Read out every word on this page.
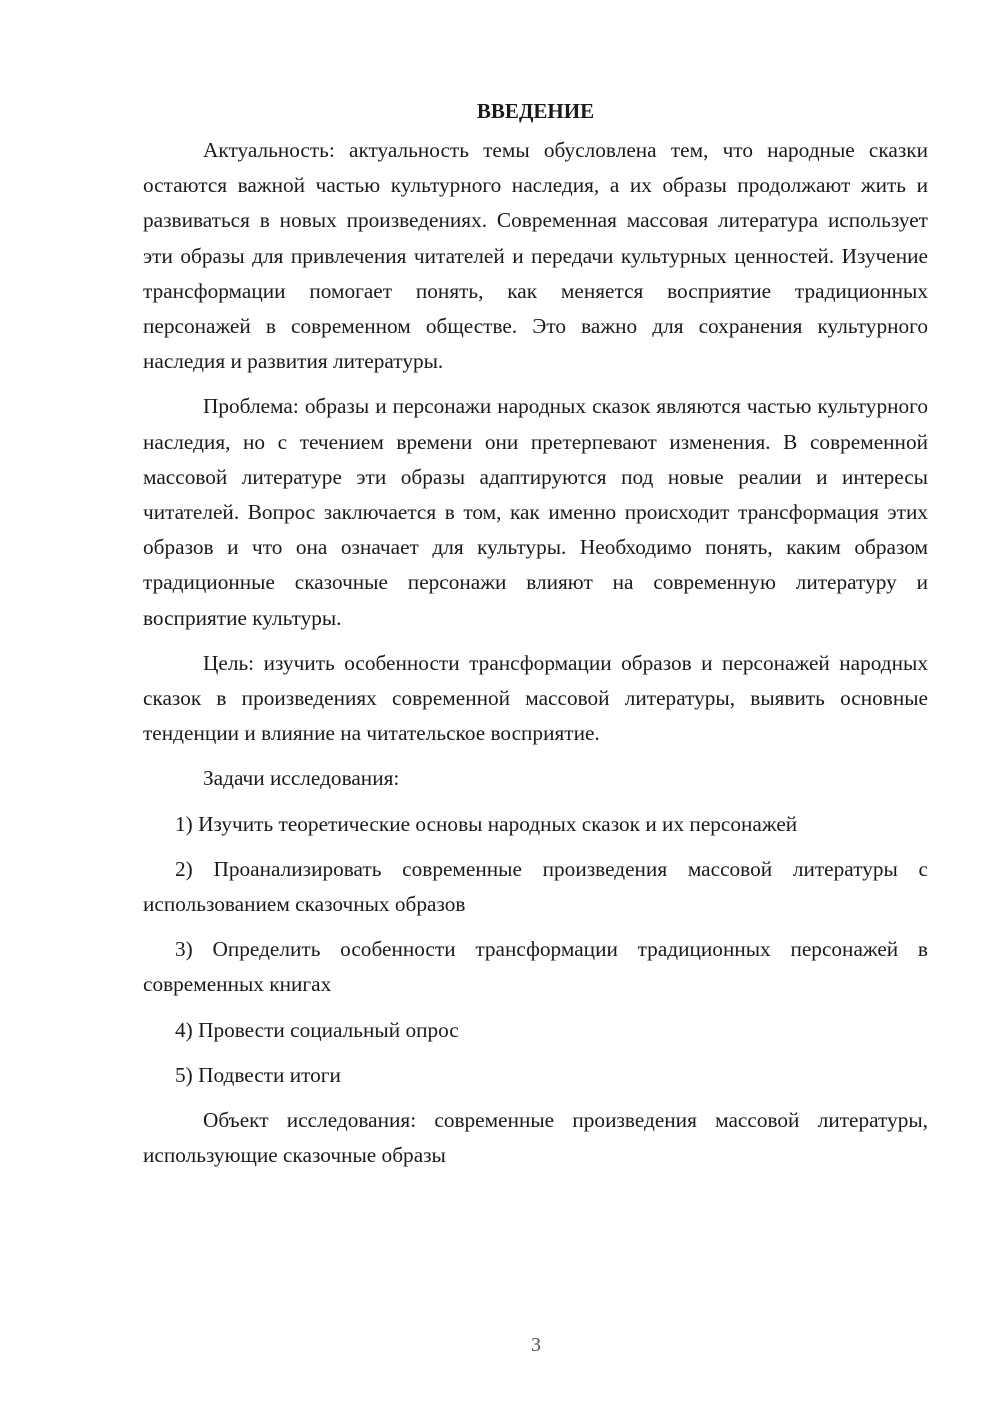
ВВЕДЕНИЕ

Актуальность: актуальность темы обусловлена тем, что народные сказки остаются важной частью культурного наследия, а их образы продолжают жить и развиваться в новых произведениях. Современная массовая литература использует эти образы для привлечения читателей и передачи культурных ценностей. Изучение трансформации помогает понять, как меняется восприятие традиционных персонажей в современном обществе. Это важно для сохранения культурного наследия и развития литературы.

Проблема: образы и персонажи народных сказок являются частью культурного наследия, но с течением времени они претерпевают изменения. В современной массовой литературе эти образы адаптируются под новые реалии и интересы читателей. Вопрос заключается в том, как именно происходит трансформация этих образов и что она означает для культуры. Необходимо понять, каким образом традиционные сказочные персонажи влияют на современную литературу и восприятие культуры.

Цель: изучить особенности трансформации образов и персонажей народных сказок в произведениях современной массовой литературы, выявить основные тенденции и влияние на читательское восприятие.

Задачи исследования:

1) Изучить теоретические основы народных сказок и их персонажей

2) Проанализировать современные произведения массовой литературы с использованием сказочных образов

3) Определить особенности трансформации традиционных персонажей в современных книгах

4) Провести социальный опрос

5) Подвести итоги

Объект исследования: современные произведения массовой литературы, использующие сказочные образы

3
